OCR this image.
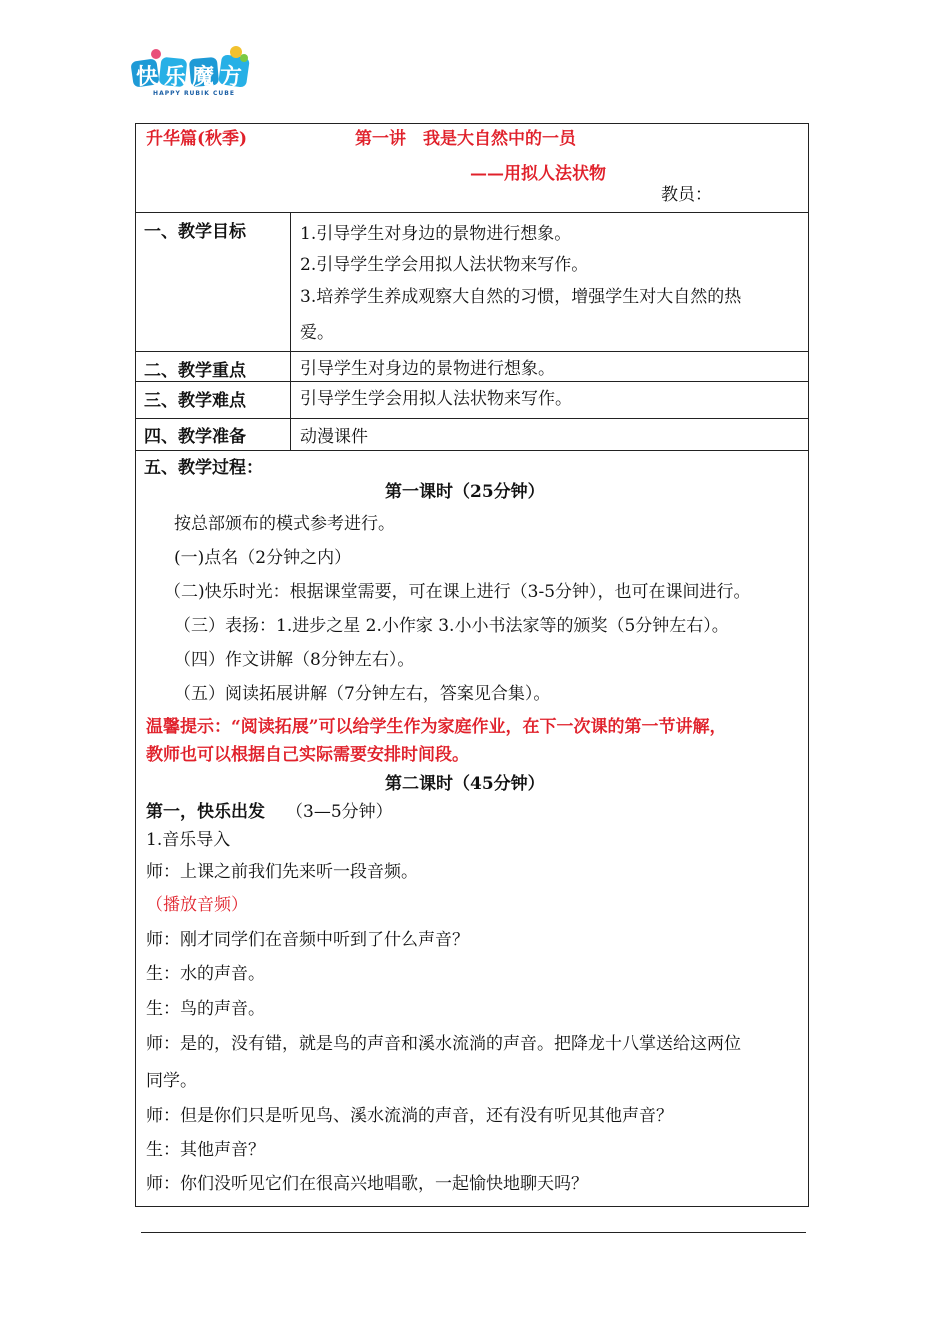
快乐魔方
HAPPY RUBIK CUBE
升华篇(秋季)	第一讲　我是大自然中的一员
——用拟人法状物
教员：
一、教学目标	1.引导学生对身边的景物进行想象。
2.引导学生学会用拟人法状物来写作。
3.培养学生养成观察大自然的习惯，增强学生对大自然的热
爱。
二、教学重点	引导学生对身边的景物进行想象。
三、教学难点	引导学生学会用拟人法状物来写作。
四、教学准备	动漫课件
五、教学过程：
第一课时（25分钟）
按总部颁布的模式参考进行。
(一)点名（2分钟之内）
（二)快乐时光：根据课堂需要，可在课上进行（3-5分钟），也可在课间进行。
（三）表扬：1.进步之星 2.小作家 3.小小书法家等的颁奖（5分钟左右）。
（四）作文讲解（8分钟左右）。
（五）阅读拓展讲解（7分钟左右，答案见合集）。
温馨提示：“阅读拓展”可以给学生作为家庭作业，在下一次课的第一节讲解，
教师也可以根据自己实际需要安排时间段。
第二课时（45分钟）
第一，快乐出发 （3—5分钟）
1.音乐导入
师：上课之前我们先来听一段音频。
（播放音频）
师：刚才同学们在音频中听到了什么声音？
生：水的声音。
生：鸟的声音。
师：是的，没有错，就是鸟的声音和溪水流淌的声音。把降龙十八掌送给这两位
同学。
师：但是你们只是听见鸟、溪水流淌的声音，还有没有听见其他声音？
生：其他声音？
师：你们没听见它们在很高兴地唱歌，一起愉快地聊天吗？
